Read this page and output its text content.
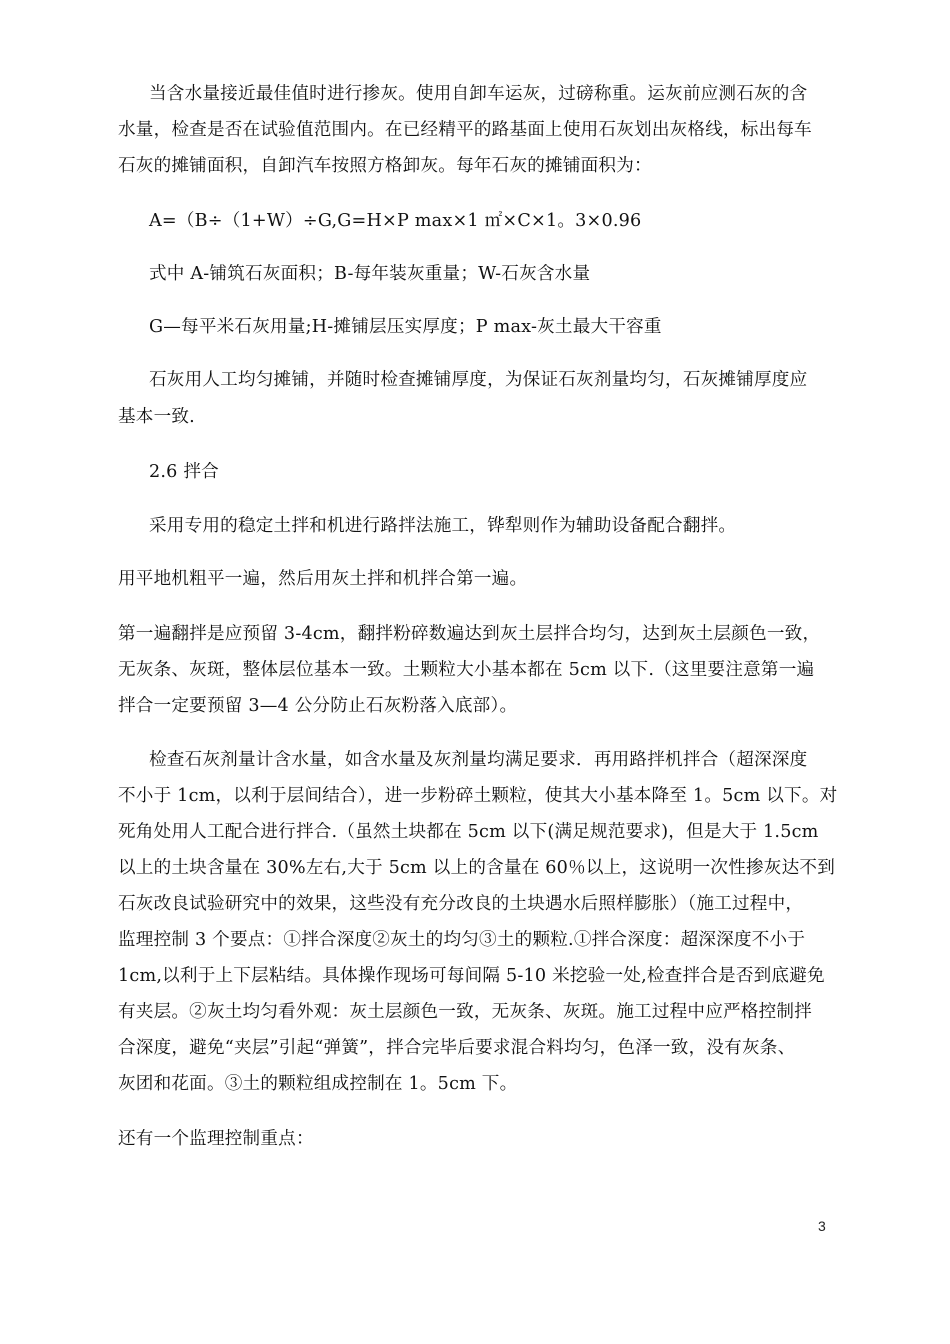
当含水量接近最佳值时进行掺灰。使用自卸车运灰，过磅称重。运灰前应测石灰的含
水量，检查是否在试验值范围内。在已经精平的路基面上使用石灰划出灰格线，标出每车
石灰的摊铺面积，自卸汽车按照方格卸灰。每年石灰的摊铺面积为：
A=（B÷（1+W）÷G,G=H×P max×1 ㎡×C×1。3×0.96
式中 A-铺筑石灰面积；B-每年装灰重量；W-石灰含水量
G—每平米石灰用量;H-摊铺层压实厚度；P max-灰土最大干容重
石灰用人工均匀摊铺，并随时检查摊铺厚度，为保证石灰剂量均匀，石灰摊铺厚度应
基本一致.
2.6 拌合
采用专用的稳定土拌和机进行路拌法施工，铧犁则作为辅助设备配合翻拌。
用平地机粗平一遍，然后用灰土拌和机拌合第一遍。
第一遍翻拌是应预留 3-4cm，翻拌粉碎数遍达到灰土层拌合均匀，达到灰土层颜色一致，
无灰条、灰斑，整体层位基本一致。土颗粒大小基本都在 5cm 以下.（这里要注意第一遍
拌合一定要预留 3—4 公分防止石灰粉落入底部）。
检查石灰剂量计含水量，如含水量及灰剂量均满足要求．再用路拌机拌合（超深深度
不小于 1cm，以利于层间结合），进一步粉碎土颗粒，使其大小基本降至 1。5cm 以下。对
死角处用人工配合进行拌合.（虽然土块都在 5cm 以下(满足规范要求)，但是大于 1.5cm
以上的土块含量在 30%左右,大于 5cm 以上的含量在 60％以上，这说明一次性掺灰达不到
石灰改良试验研究中的效果，这些没有充分改良的土块遇水后照样膨胀）（施工过程中，
监理控制 3 个要点：①拌合深度②灰土的均匀③土的颗粒.①拌合深度：超深深度不小于
1cm,以利于上下层粘结。具体操作现场可每间隔 5-10 米挖验一处,检查拌合是否到底避免
有夹层。②灰土均匀看外观：灰土层颜色一致，无灰条、灰斑。施工过程中应严格控制拌
合深度，避免“夹层”引起“弹簧”，拌合完毕后要求混合料均匀，色泽一致，没有灰条、
灰团和花面。③土的颗粒组成控制在 1。5cm 下。
还有一个监理控制重点：
3
